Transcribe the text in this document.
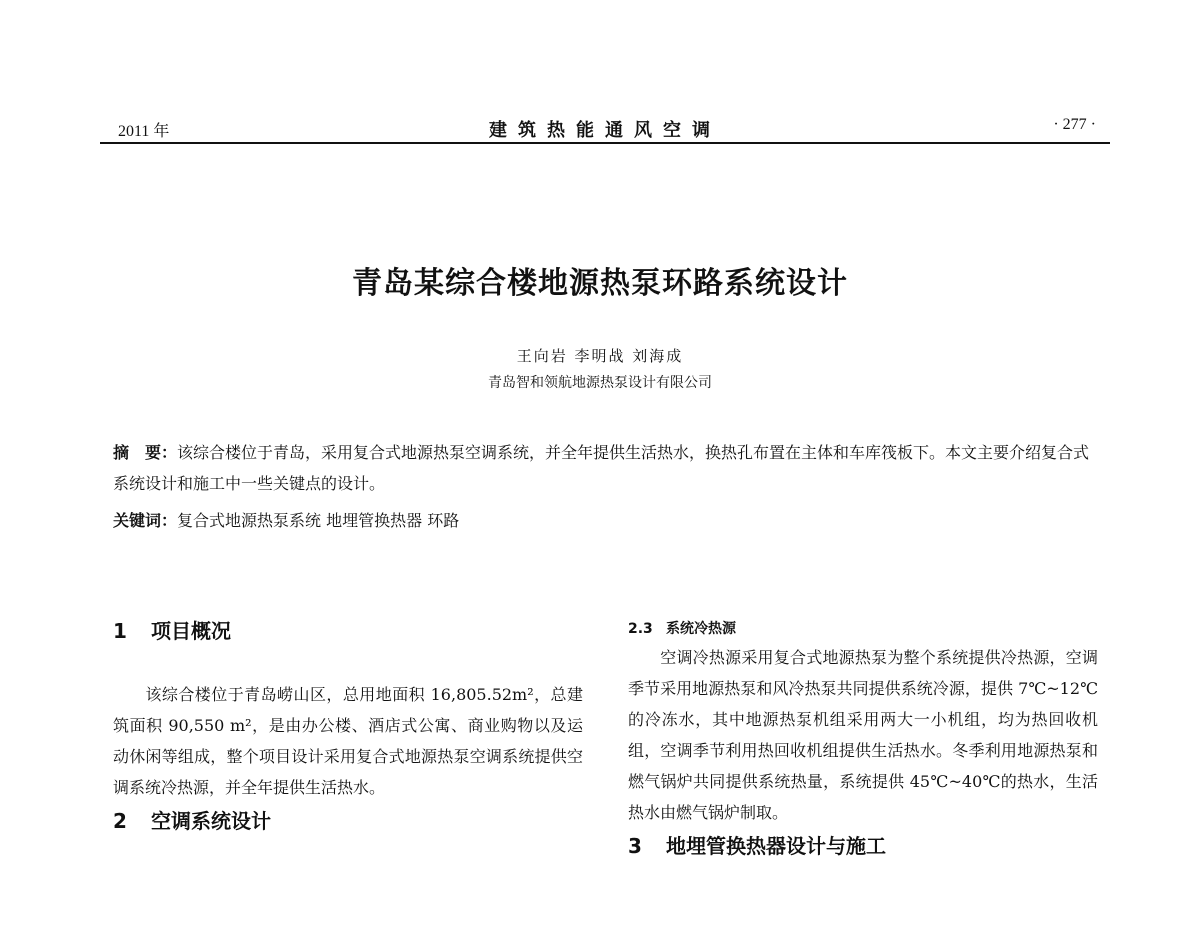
2011 年	建筑热能通风空调	· 277 ·
青岛某综合楼地源热泵环路系统设计
王向岩 李明战 刘海成
青岛智和领航地源热泵设计有限公司

摘　要：该综合楼位于青岛，采用复合式地源热泵空调系统，并全年提供生活热水，换热孔布置在主体和车库筏板下。本文主要介绍复合式系统设计和施工中一些关键点的设计。

关键词：复合式地源热泵系统 地埋管换热器 环路
1 项目概况

该综合楼位于青岛崂山区，总用地面积 16,805.52m²，总建筑面积 90,550 m²，是由办公楼、酒店式公寓、商业购物以及运动休闲等组成，整个项目设计采用复合式地源热泵空调系统提供空调系统冷热源，并全年提供生活热水。

2 空调系统设计
2.3 系统冷热源

空调冷热源采用复合式地源热泵为整个系统提供冷热源，空调季节采用地源热泵和风冷热泵共同提供系统冷源，提供 7℃~12℃的冷冻水，其中地源热泵机组采用两大一小机组，均为热回收机组，空调季节利用热回收机组提供生活热水。冬季利用地源热泵和燃气锅炉共同提供系统热量，系统提供 45℃~40℃的热水，生活热水由燃气锅炉制取。

3 地埋管换热器设计与施工
